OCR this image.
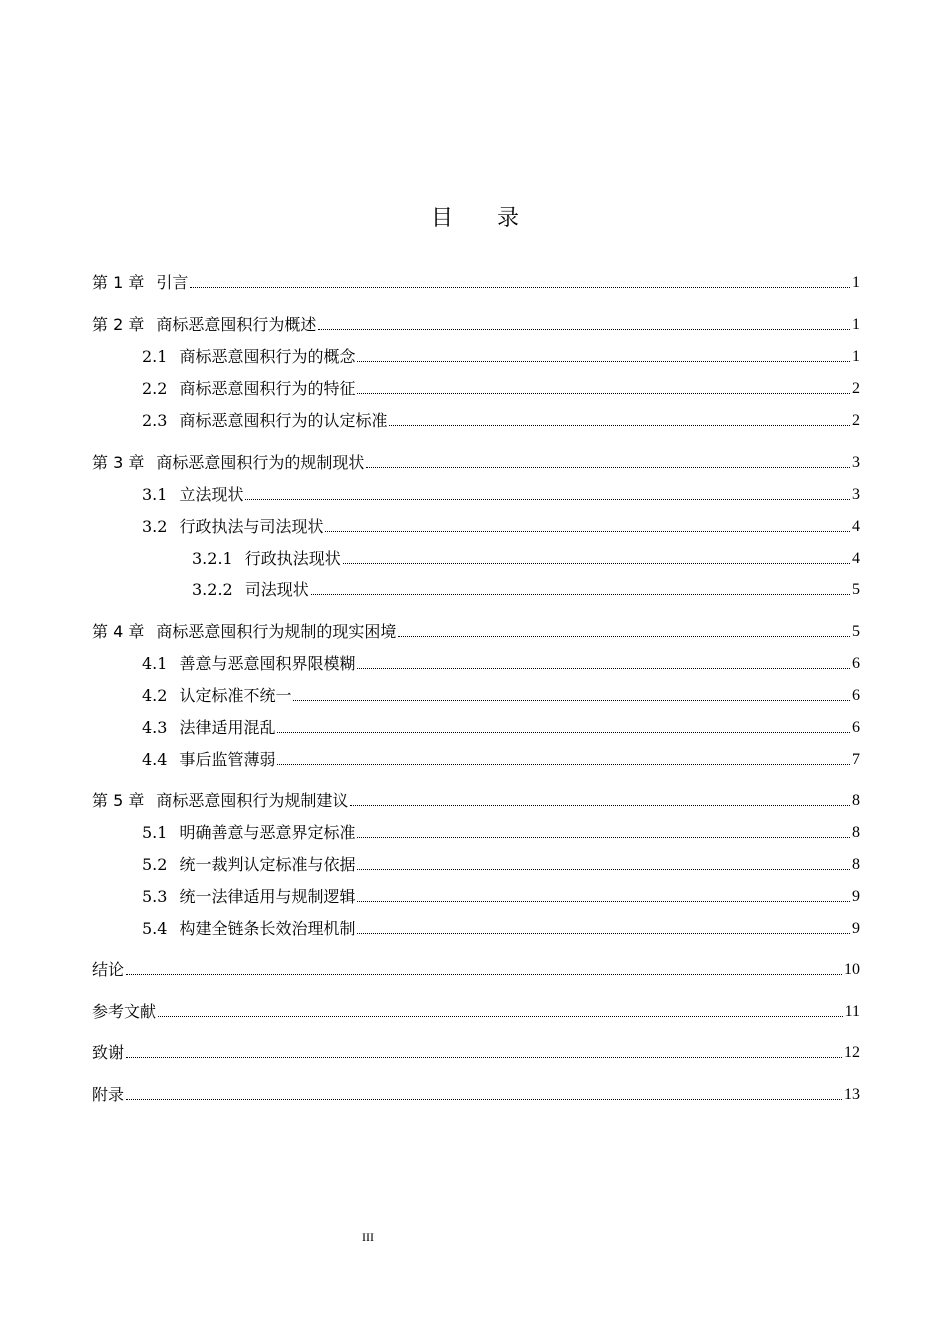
目录
第 1 章 引言	1
第 2 章 商标恶意囤积行为概述	1
2.1 商标恶意囤积行为的概念	1
2.2 商标恶意囤积行为的特征	2
2.3 商标恶意囤积行为的认定标准	2
第 3 章 商标恶意囤积行为的规制现状	3
3.1 立法现状	3
3.2 行政执法与司法现状	4
3.2.1 行政执法现状	4
3.2.2 司法现状	5
第 4 章 商标恶意囤积行为规制的现实困境	5
4.1 善意与恶意囤积界限模糊	6
4.2 认定标准不统一	6
4.3 法律适用混乱	6
4.4 事后监管薄弱	7
第 5 章 商标恶意囤积行为规制建议	8
5.1 明确善意与恶意界定标准	8
5.2 统一裁判认定标准与依据	8
5.3 统一法律适用与规制逻辑	9
5.4 构建全链条长效治理机制	9
结论	10
参考文献	11
致谢	12
附录	13
III
